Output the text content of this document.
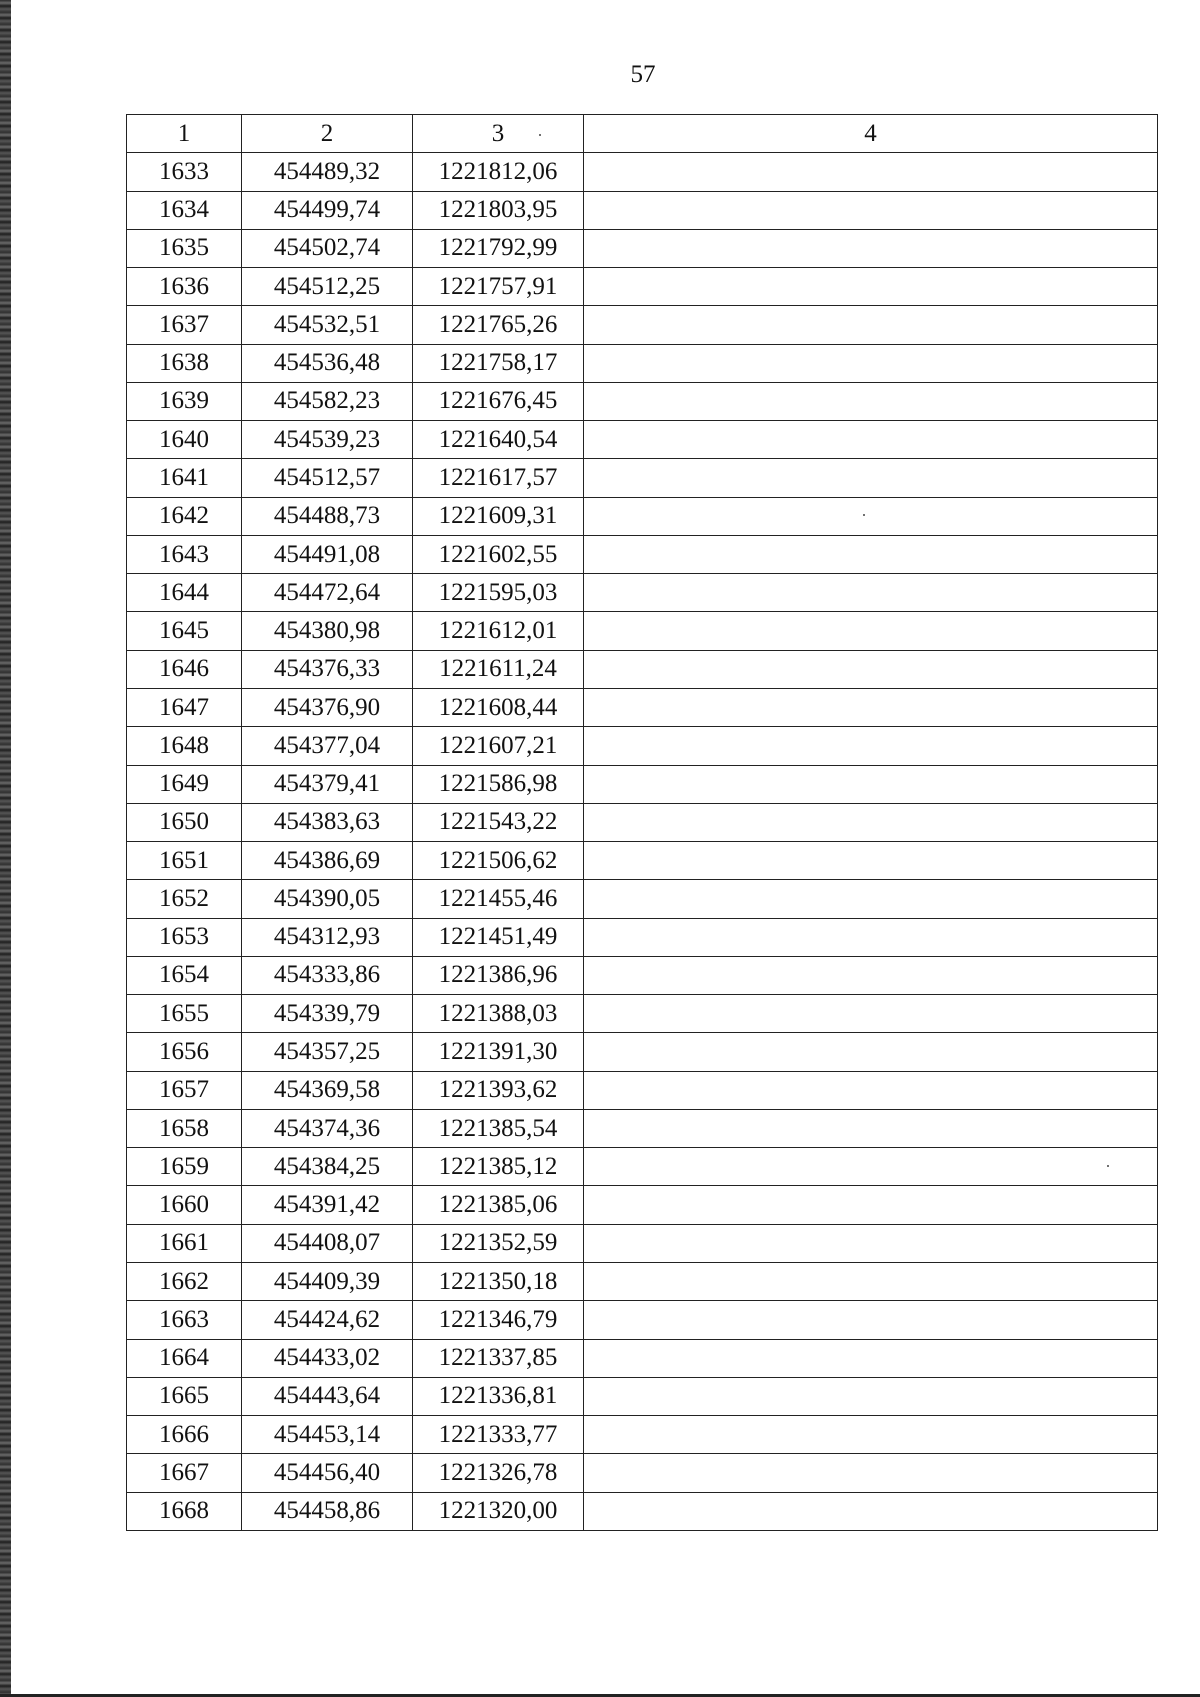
57
1	2	3	4
1633	454489,32	1221812,06	
1634	454499,74	1221803,95	
1635	454502,74	1221792,99	
1636	454512,25	1221757,91	
1637	454532,51	1221765,26	
1638	454536,48	1221758,17	
1639	454582,23	1221676,45	
1640	454539,23	1221640,54	
1641	454512,57	1221617,57	
1642	454488,73	1221609,31	
1643	454491,08	1221602,55	
1644	454472,64	1221595,03	
1645	454380,98	1221612,01	
1646	454376,33	1221611,24	
1647	454376,90	1221608,44	
1648	454377,04	1221607,21	
1649	454379,41	1221586,98	
1650	454383,63	1221543,22	
1651	454386,69	1221506,62	
1652	454390,05	1221455,46	
1653	454312,93	1221451,49	
1654	454333,86	1221386,96	
1655	454339,79	1221388,03	
1656	454357,25	1221391,30	
1657	454369,58	1221393,62	
1658	454374,36	1221385,54	
1659	454384,25	1221385,12	
1660	454391,42	1221385,06	
1661	454408,07	1221352,59	
1662	454409,39	1221350,18	
1663	454424,62	1221346,79	
1664	454433,02	1221337,85	
1665	454443,64	1221336,81	
1666	454453,14	1221333,77	
1667	454456,40	1221326,78	
1668	454458,86	1221320,00	
